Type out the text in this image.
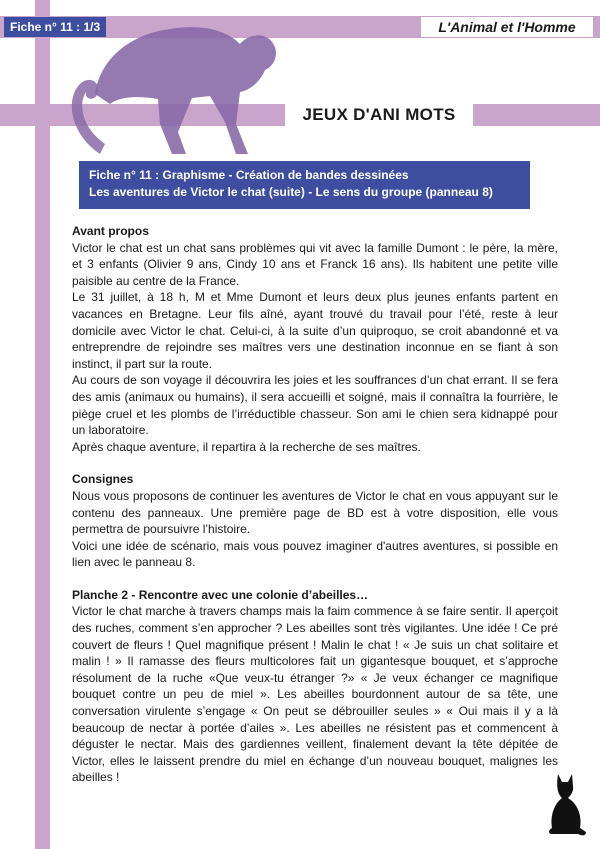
Fiche n° 11 : 1/3	L'Animal et l'Homme
JEUX D'ANI MOTS
Fiche n° 11 : Graphisme - Création de bandes dessinées
Les aventures de Victor le chat (suite) - Le sens du groupe (panneau 8)
Avant propos

Victor le chat est un chat sans problèmes qui vit avec la famille Dumont : le père, la mère, et 3 enfants (Olivier 9 ans, Cindy 10 ans et Franck 16 ans). Ils habitent une petite ville paisible au centre de la France.

Le 31 juillet, à 18 h, M et Mme Dumont et leurs deux plus jeunes enfants partent en vacances en Bretagne. Leur fils aîné, ayant trouvé du travail pour l’été, reste à leur domicile avec Victor le chat. Celui-ci, à la suite d’un quiproquo, se croit abandonné et va entreprendre de rejoindre ses maîtres vers une destination inconnue en se fiant à son instinct, il part sur la route.

Au cours de son voyage il découvrira les joies et les souffrances d’un chat errant. Il se fera des amis (animaux ou humains), il sera accueilli et soigné, mais il connaîtra la fourrière, le piège cruel et les plombs de l’irréductible chasseur. Son ami le chien sera kidnappé pour un laboratoire.

Après chaque aventure, il repartira à la recherche de ses maîtres.

Consignes

Nous vous proposons de continuer les aventures de Victor le chat en vous appuyant sur le contenu des panneaux. Une première page de BD est à votre disposition, elle vous permettra de poursuivre l’histoire.

Voici une idée de scénario, mais vous pouvez imaginer d'autres aventures, si possible en lien avec le panneau 8.

Planche 2 - Rencontre avec une colonie d’abeilles…

Victor le chat marche à travers champs mais la faim commence à se faire sentir. Il aperçoit des ruches, comment s’en approcher ? Les abeilles sont très vigilantes. Une idée ! Ce pré couvert de fleurs ! Quel magnifique présent ! Malin le chat ! « Je suis un chat solitaire et malin ! » Il ramasse des fleurs multicolores fait un gigantesque bouquet, et s’approche résolument de la ruche «Que veux-tu étranger ?» « Je veux échanger ce magnifique bouquet contre un peu de miel ». Les abeilles bourdonnent autour de sa tête, une conversation virulente s’engage « On peut se débrouiller seules » « Oui mais il y a là beaucoup de nectar à portée d’ailes ». Les abeilles ne résistent pas et commencent à déguster le nectar. Mais des gardiennes veillent, finalement devant la tête dépitée de Victor, elles le laissent prendre du miel en échange d’un nouveau bouquet, malignes les abeilles !
